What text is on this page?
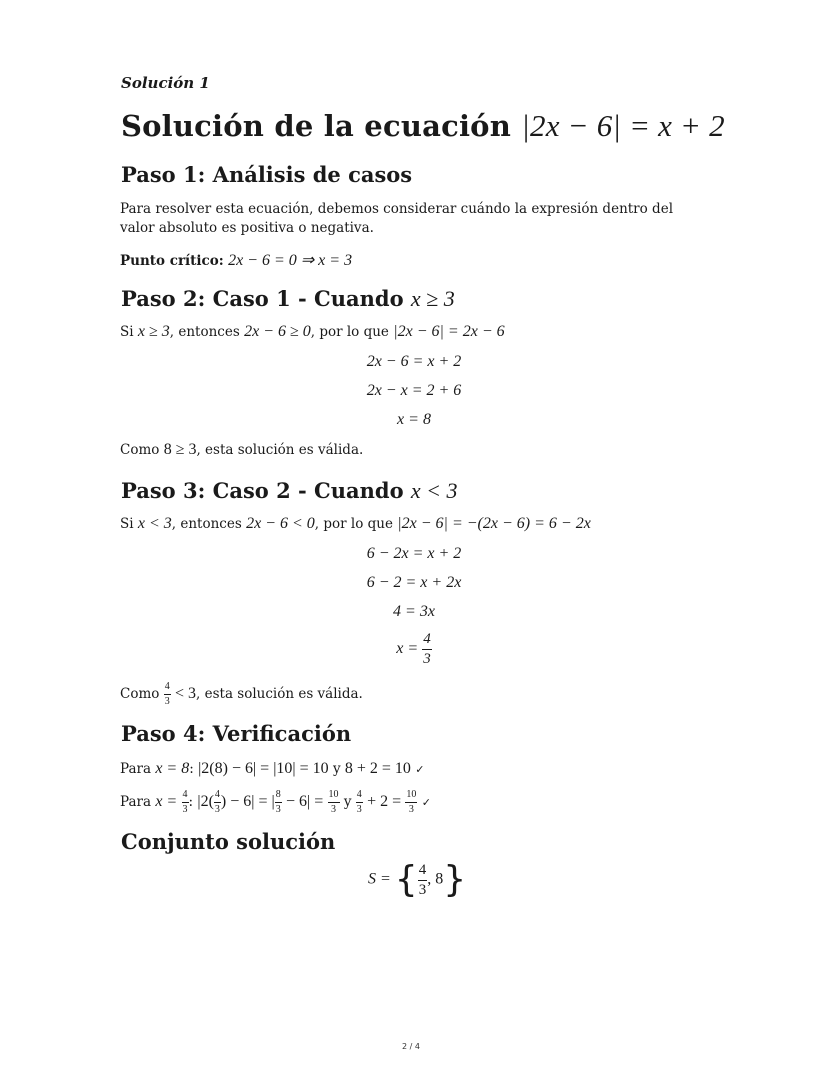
Solución 1
Solución de la ecuación |2x − 6| = x + 2
Paso 1: Análisis de casos
Para resolver esta ecuación, debemos considerar cuándo la expresión dentro del valor absoluto es positiva o negativa.
Punto crítico: 2x − 6 = 0 ⇒ x = 3
Paso 2: Caso 1 - Cuando x ≥ 3
Si x ≥ 3, entonces 2x − 6 ≥ 0, por lo que |2x − 6| = 2x − 6
2x − 6 = x + 2
2x − x = 2 + 6
x = 8
Como 8 ≥ 3, esta solución es válida.
Paso 3: Caso 2 - Cuando x < 3
Si x < 3, entonces 2x − 6 < 0, por lo que |2x − 6| = −(2x − 6) = 6 − 2x
6 − 2x = x + 2
6 − 2 = x + 2x
4 = 3x
$x = \frac{4}{3}$
Como $\frac{4}{3} < 3$, esta solución es válida.
Paso 4: Verificación
Para x = 8: |2(8) − 6| = |10| = 10 y 8 + 2 = 10 ✓
Para $x = \frac{4}{3}$ : $|2( \frac{4}{3}$ ) − 6| = | $\frac{8}{3} - 6| = \frac{10}{3}$ y $\frac{4}{3} + 2 = \frac{10}{3}$ ✓
Conjunto solución
S = { $\frac{4}{3}$ , 8}
2 / 4
